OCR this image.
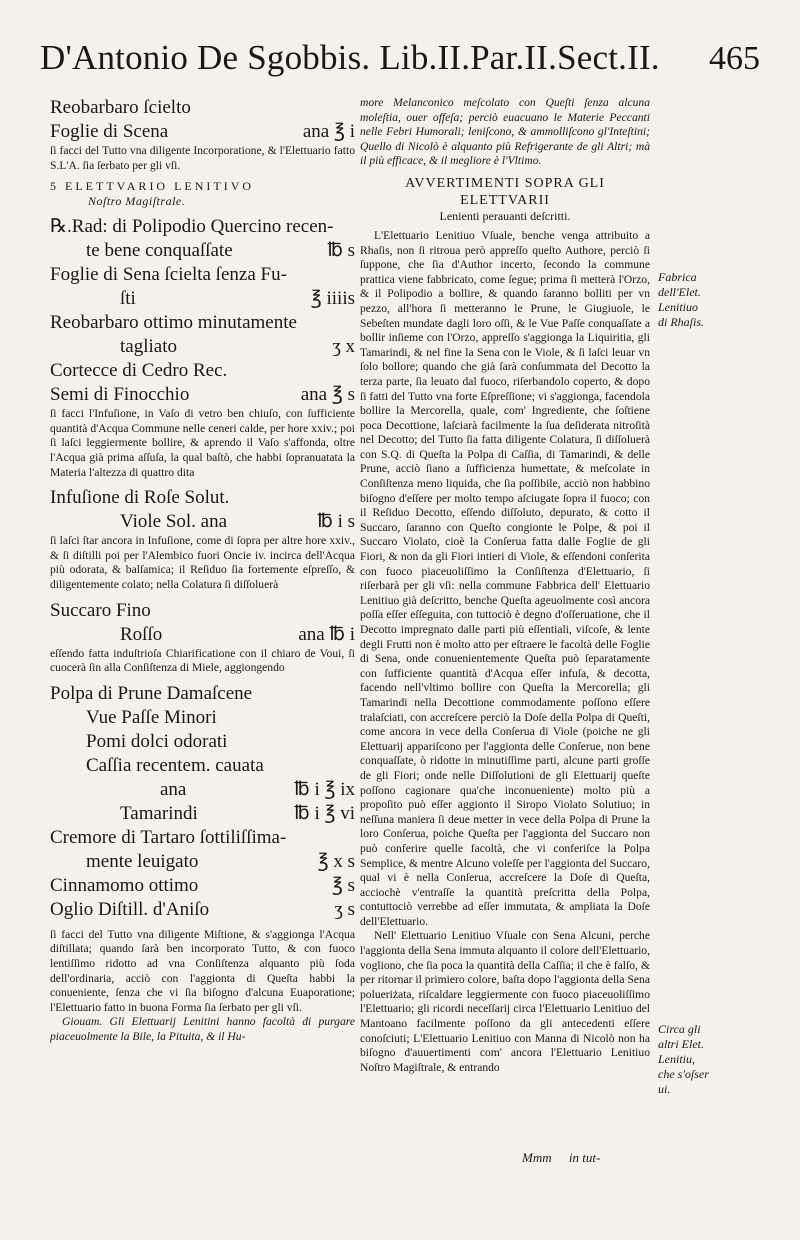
D'Antonio De Sgobbis. Lib.II.Par.II.Sect.II. 465
Reobarbaro ſcielto
Foglie di Scena	ana ℥ i
ſi facci del Tutto vna diligente Incorporatione, & l'Elettuario fatto S.L'A. ſia ſerbato per gli vſi.
5 ELETTVARIO LENITIVO
Noſtro Magiſtrale.
℞.Rad: di Polipodio Quercino recen-
te bene conquaſſate	℔ s
Foglie di Sena ſcielta ſenza Fu-
ſti	℥ iiiis
Reobarbaro ottimo minutamente
tagliato	ʒ x
Cortecce di Cedro Rec.
Semi di Finocchio	ana ℥ s
ſi facci l'Infuſione, in Vaſo di vetro ben chiuſo, con ſufficiente quantità d'Acqua Commune nelle ceneri calde, per hore xxiv.; poi ſi laſci leggiermente bollire, & aprendo il Vaſo s'affonda, oltre l'Acqua già prima aſſuſa, la qual baſtò, che habbi ſopranuatata la Materia l'altezza di quattro dita
Infuſione di Roſe Solut.
Viole Sol. ana	℔ i s
ſi laſci ſtar ancora in Infuſione, come di ſopra per altre hore xxiv., & ſi diſtilli poi per l'Alembico fuori Oncie iv. incirca dell'Acqua più odorata, & balſamica; il Reſiduo ſia fortemente eſpreſſo, & diligentemente colato; nella Colatura ſi diſſoluerà
Succaro Fino
Roſſo	ana ℔ i
eſſendo fatta induſtrioſa Chiarificatione con il chiaro de Voui, ſi cuocerà ſin alla Conſiſtenza di Miele, aggiongendo
Polpa di Prune Damaſcene
Vue Paſſe Minori
Pomi dolci odorati
Caſſia recentem. cauata
ana	℔ i ℥ ix
Tamarindi	℔ i ℥ vi
Cremore di Tartaro ſottiliſſima-
mente leuigato	℥ x s
Cinnamomo ottimo	℥ s
Oglio Diſtill. d'Aniſo	ʒ s
ſi facci del Tutto vna diligente Miſtione, & s'aggionga l'Acqua diſtillata; quando ſarà ben incorporato Tutto, & con fuoco lentiſſimo ridotto ad vna Conſiſtenza alquanto più ſoda dell'ordinaria, acciò con l'aggionta di Queſta habbi la conueniente, ſenza che vi ſia biſogno d'alcuna Euaporatione; l'Elettuario fatto in buona Forma ſia ſerbato per gli vſi.
Giouam. Gli Elettuarij Lenitini hanno facoltà di purgare piaceuolmente la Bile, la Pituita, & il Hu-
more Melanconico meſcolato con Queſti ſenza alcuna moleſtia, ouer offeſa; perciò euacuano le Materie Peccanti nelle Febri Humorali; leniſcono, & ammolliſcono gl'Inteſtini; Quello di Nicolò è alquanto più Refrigerante de gli Altri; mà il più efficace, & il megliore è l'Vltimo.
AVVERTIMENTI SOPRA GLI ELETTVARII
Lenienti perauanti deſcritti.
L'Elettuario Lenitiuo Vſuale, benche venga attribuito a Rhaſis, non ſi ritroua però appreſſo queſto Authore, perciò ſi ſuppone, che ſia d'Author incerto, ſecondo la commune prattica viene fabbricato, come ſegue; prima ſi metterà l'Orzo, & il Polipodio a bollire, & quando ſaranno bolliti per vn pezzo, all'hora ſi metteranno le Prune, le Giugiuole, le Sebeſten mundate dagli loro oſſi, & le Vue Paſſe conquaſſate a bollir inſieme con l'Orzo, appreſſo s'aggionga la Liquiritia, gli Tamarindi, & nel fine la Sena con le Viole, & ſi laſci leuar vn ſolo bollore; quando che già ſarà conſummata del Decotto la terza parte, ſia leuato dal fuoco, riſerbandolo coperto, & dopo ſi fatti del Tutto vna forte Eſpreſſione; vi s'aggionga, facendola bollire la Mercorella, quale, com' Ingrediente, che ſoſtiene poca Decottione, laſciarà facilmente la ſua deſiderata nitroſità nel Decotto; del Tutto ſia fatta diligente Colatura, ſi diſſoluerà con S.Q. di Queſta la Polpa di Caſſia, di Tamarindi, & delle Prune, acciò ſiano a ſufficienza humettate, & meſcolate in Conſiſtenza meno liquida, che ſia poſſibile, acciò non habbino biſogno d'eſſere per molto tempo aſciugate ſopra il fuoco; con il Reſiduo Decotto, eſſendo diſſoluto, depurato, & cotto il Succaro, ſaranno con Queſto congionte le Polpe, & poi il Succaro Violato, cioè la Conſerua fatta dalle Foglie de gli Fiori, & non da gli Fiori intieri di Viole, & eſſendoni conſerita con fuoco piaceuoliſſimo la Conſiſtenza d'Elettuario, ſi riſerbarà per gli vſi: nella commune Fabbrica dell' Elettuario Lenitiuo già deſcritto, benche Queſta ageuolmente così ancora poſſa eſſer eſſeguita, con tuttociò è degno d'oſſeruatione, che il Decotto impregnato dalle parti più eſſentiali, viſcoſe, & lente degli Frutti non è molto atto per eſtraere le facoltà delle Foglie di Sena, onde conuenientemente Queſta può ſeparatamente con ſufficiente quantità d'Acqua eſſer infuſa, & decotta, facendo nell'vltimo bollire con Queſta la Mercorella; gli Tamarindi nella Decottione commodamente poſſono eſſere tralaſciati, con accreſcere perciò la Doſe della Polpa di Queſti, come ancora in vece della Conſerua di Viole (poiche ne gli Elettuarij appariſcono per l'aggionta delle Conſerue, non bene conquaſſate, ò ridotte in minutiſſime parti, alcune parti groſſe de gli Fiori; onde nelle Diſſolutioni de gli Elettuarij queſte poſſono cagionare qua'che inconueniente) molto più a propoſito può eſſer aggionto il Siropo Violato Solutiuo; in neſſuna maniera ſi deue metter in vece della Polpa di Prune la loro Conſerua, poiche Queſta per l'aggionta del Succaro non può conferire quelle facoltà, che vi conferiſce la Polpa Semplice, & mentre Alcuno voleſſe per l'aggionta del Succaro, qual vi è nella Conſerua, accreſcere la Doſe di Queſta, acciochè v'entraſſe la quantità preſcritta della Polpa, contuttociò verrebbe ad eſſer immutata, & ampliata la Doſe dell'Elettuario.
Nell' Elettuario Lenitiuo Vſuale con Sena Alcuni, perche l'aggionta della Sena immuta alquanto il colore dell'Elettuario, vogliono, che ſia poca la quantità della Caſſia; il che è falſo, & per ritornar il primiero colore, baſta dopo l'aggionta della Sena polueriżata, riſcaldare leggiermente con fuoco piaceuoliſſimo l'Elettuario; gli ricordi neceſſarij circa l'Elettuario Lenitiuo del Mantoano facilmente poſſono da gli antecedenti eſſere conoſciuti; L'Elettuario Lenitiuo con Manna di Nicolò non ha biſogno d'auuertimenti com' ancora l'Elettuario Lenitiuo Noſtro Magiſtrale, & entrando
Fabrica
dell'Elet.
Lenitiuo
di Rhaſis.
Circa gli
altri Elet.
Lenitiu,
che s'oſser
ui.
Mmm in tut-
